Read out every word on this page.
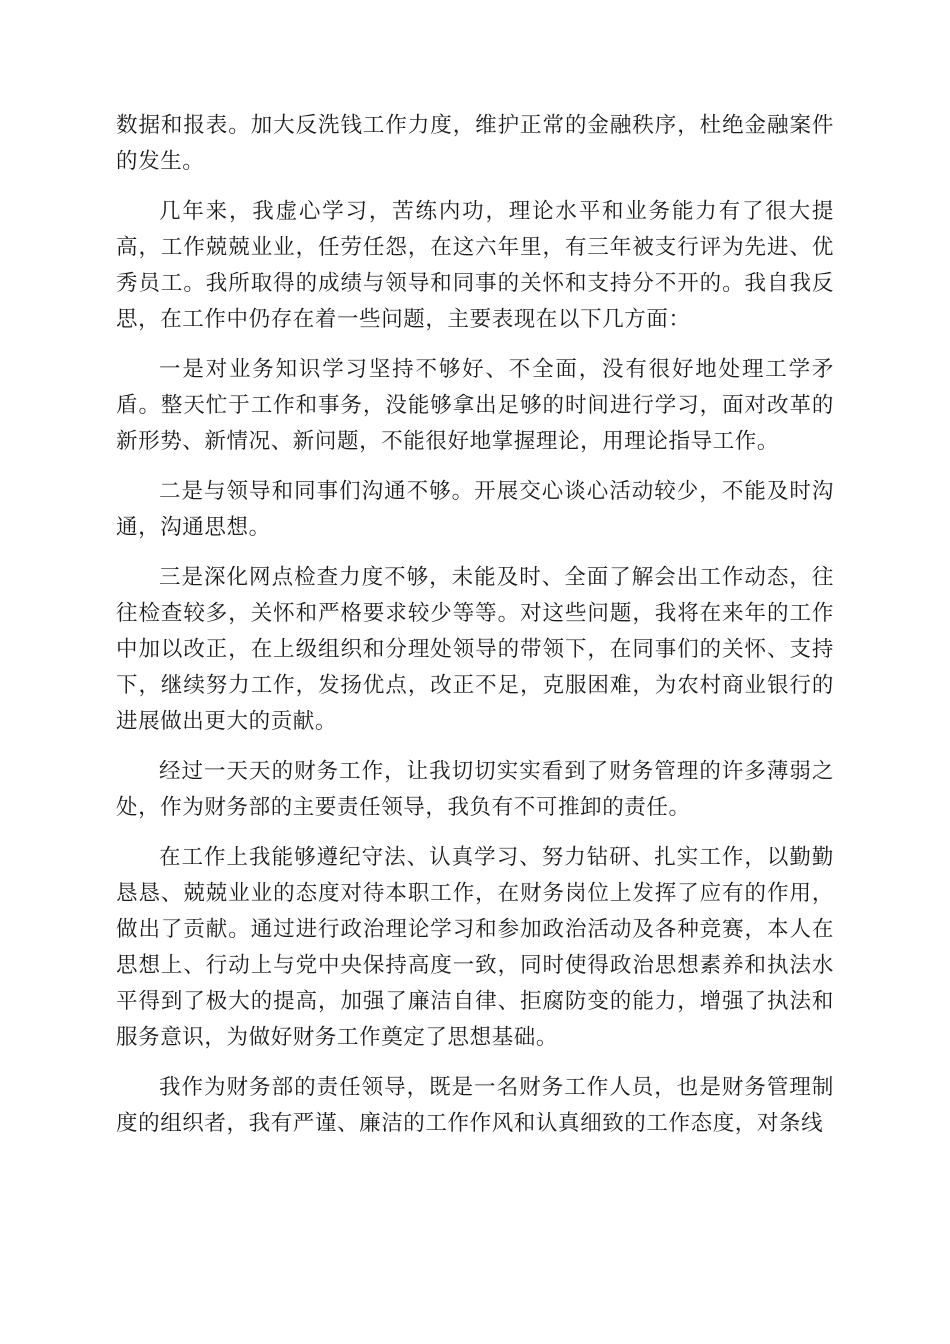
数据和报表。加大反洗钱工作力度，维护正常的金融秩序，杜绝金融案件的发生。

几年来，我虚心学习，苦练内功，理论水平和业务能力有了很大提高，工作兢兢业业，任劳任怨，在这六年里，有三年被支行评为先进、优秀员工。我所取得的成绩与领导和同事的关怀和支持分不开的。我自我反思，在工作中仍存在着一些问题，主要表现在以下几方面：

一是对业务知识学习坚持不够好、不全面，没有很好地处理工学矛盾。整天忙于工作和事务，没能够拿出足够的时间进行学习，面对改革的新形势、新情况、新问题，不能很好地掌握理论，用理论指导工作。

二是与领导和同事们沟通不够。开展交心谈心活动较少，不能及时沟通，沟通思想。

三是深化网点检查力度不够，未能及时、全面了解会出工作动态，往往检查较多，关怀和严格要求较少等等。对这些问题，我将在来年的工作中加以改正，在上级组织和分理处领导的带领下，在同事们的关怀、支持下，继续努力工作，发扬优点，改正不足，克服困难，为农村商业银行的进展做出更大的贡献。

经过一天天的财务工作，让我切切实实看到了财务管理的许多薄弱之处，作为财务部的主要责任领导，我负有不可推卸的责任。

在工作上我能够遵纪守法、认真学习、努力钻研、扎实工作，以勤勤恳恳、兢兢业业的态度对待本职工作，在财务岗位上发挥了应有的作用，做出了贡献。通过进行政治理论学习和参加政治活动及各种竞赛，本人在思想上、行动上与党中央保持高度一致，同时使得政治思想素养和执法水平得到了极大的提高，加强了廉洁自律、拒腐防变的能力，增强了执法和服务意识，为做好财务工作奠定了思想基础。

我作为财务部的责任领导，既是一名财务工作人员，也是财务管理制度的组织者，我有严谨、廉洁的工作作风和认真细致的工作态度，对条线
